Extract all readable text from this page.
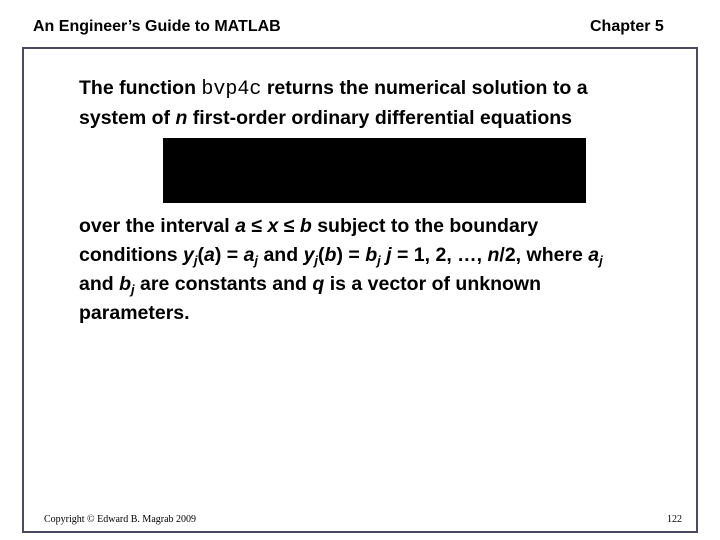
An Engineer’s Guide to MATLAB	Chapter 5
The function bvp4c returns the numerical solution to a
system of n first-order ordinary differential equations
over the interval a ≤ x ≤ b subject to the boundary
conditions $y_j(a) = a_j$ and $y_j(b) = b_j$ j = 1, 2, …, n/2, where $a_j$
and $b_j$ are constants and q is a vector of unknown
parameters.
Copyright © Edward B. Magrab 2009	122
